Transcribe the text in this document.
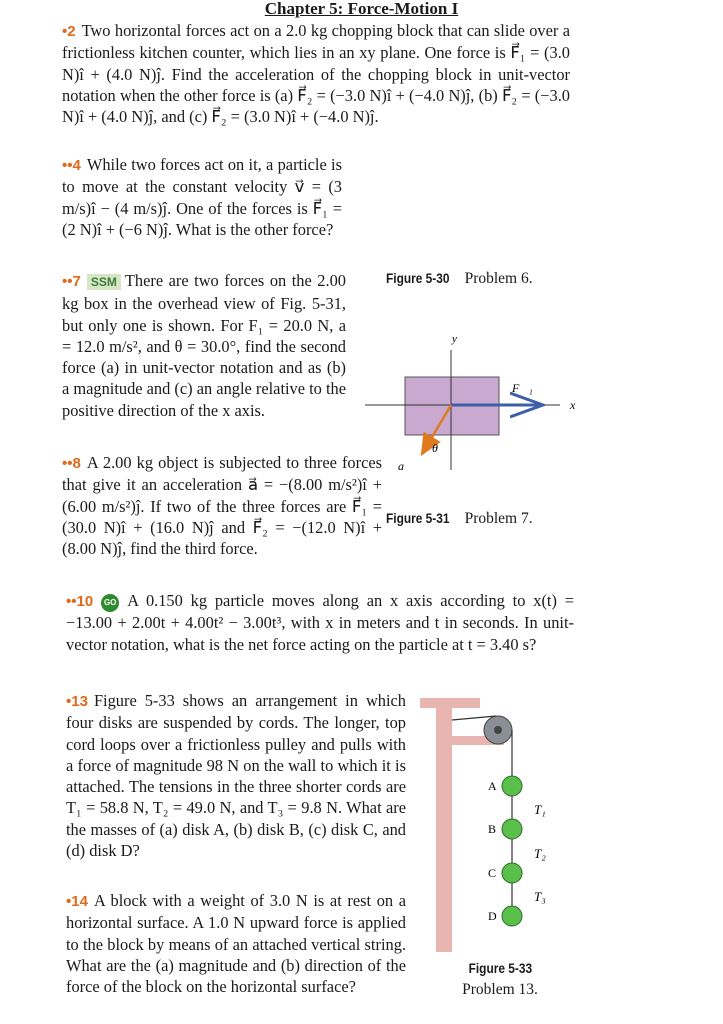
Chapter 5: Force-Motion I

•2 Two horizontal forces act on a 2.0 kg chopping block that can slide over a frictionless kitchen counter, which lies in an xy plane. One force is F⃗₁ = (3.0 N)î + (4.0 N)ĵ. Find the acceleration of the chopping block in unit-vector notation when the other force is (a) F⃗₂ = (−3.0 N)î + (−4.0 N)ĵ, (b) F⃗₂ = (−3.0 N)î + (4.0 N)ĵ, and (c) F⃗₂ = (3.0 N)î + (−4.0 N)ĵ.

••4 While two forces act on it, a particle is to move at the constant velocity v⃗ = (3 m/s)î − (4 m/s)ĵ. One of the forces is F⃗₁ = (2 N)î + (−6 N)ĵ. What is the other force?

••7 SSM There are two forces on the 2.00 kg box in the overhead view of Fig. 5-31, but only one is shown. For F₁ = 20.0 N, a = 12.0 m/s², and θ = 30.0°, find the second force (a) in unit-vector notation and as (b) a magnitude and (c) an angle relative to the positive direction of the x axis.

••8 A 2.00 kg object is subjected to three forces that give it an acceleration a⃗ = −(8.00 m/s²)î + (6.00 m/s²)ĵ. If two of the three forces are F⃗₁ = (30.0 N)î + (16.0 N)ĵ and F⃗₂ = −(12.0 N)î + (8.00 N)ĵ, find the third force.

••10 GO A 0.150 kg particle moves along an x axis according to x(t) = −13.00 + 2.00t + 4.00t² − 3.00t³, with x in meters and t in seconds. In unit-vector notation, what is the net force acting on the particle at t = 3.40 s?

•13 Figure 5-33 shows an arrangement in which four disks are suspended by cords. The longer, top cord loops over a frictionless pulley and pulls with a force of magnitude 98 N on the wall to which it is attached. The tensions in the three shorter cords are T₁ = 58.8 N, T₂ = 49.0 N, and T₃ = 9.8 N. What are the masses of (a) disk A, (b) disk B, (c) disk C, and (d) disk D?

•14 A block with a weight of 3.0 N is at rest on a horizontal surface. A 1.0 N upward force is applied to the block by means of an attached vertical string. What are the (a) magnitude and (b) direction of the force of the block on the horizontal surface?

Figure 5-30 Problem 6.
y
x
F⃗₁
θ
a⃗
Figure 5-31 Problem 7.
A
B
C
D
T₁
T₂
T₃
Figure 5-33
Problem 13.
